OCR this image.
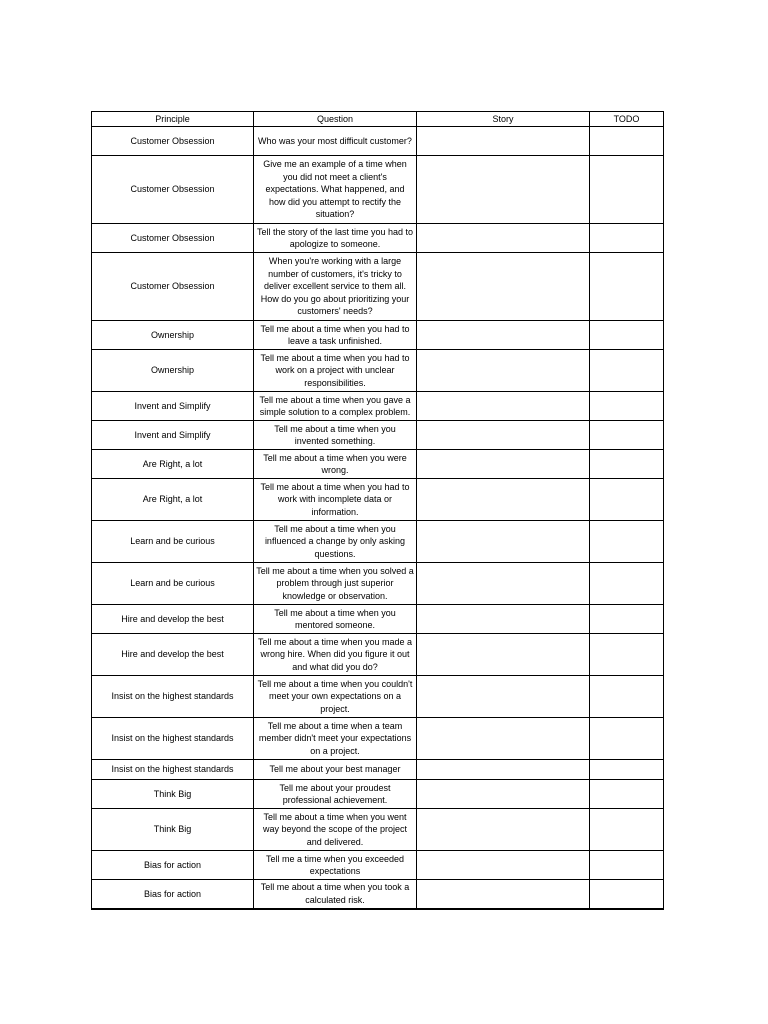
Principle	Question	Story	TODO
Customer Obsession	Who was your most difficult customer?		
Customer Obsession	Give me an example of a time when you did not meet a client's expectations. What happened, and how did you attempt to rectify the situation?		
Customer Obsession	Tell the story of the last time you had to apologize to someone.		
Customer Obsession	When you're working with a large number of customers, it's tricky to deliver excellent service to them all. How do you go about prioritizing your customers' needs?		
Ownership	Tell me about a time when you had to leave a task unfinished.		
Ownership	Tell me about a time when you had to work on a project with unclear responsibilities.		
Invent and Simplify	Tell me about a time when you gave a simple solution to a complex problem.		
Invent and Simplify	Tell me about a time when you invented something.		
Are Right, a lot	Tell me about a time when you were wrong.		
Are Right, a lot	Tell me about a time when you had to work with incomplete data or information.		
Learn and be curious	Tell me about a time when you influenced a change by only asking questions.		
Learn and be curious	Tell me about a time when you solved a problem through just superior knowledge or observation.		
Hire and develop the best	Tell me about a time when you mentored someone.		
Hire and develop the best	Tell me about a time when you made a wrong hire. When did you figure it out and what did you do?		
Insist on the highest standards	Tell me about a time when you couldn't meet your own expectations on a project.		
Insist on the highest standards	Tell me about a time when a team member didn't meet your expectations on a project.		
Insist on the highest standards	Tell me about your best manager		
Think Big	Tell me about your proudest professional achievement.		
Think Big	Tell me about a time when you went way beyond the scope of the project and delivered.		
Bias for action	Tell me a time when you exceeded expectations		
Bias for action	Tell me about a time when you took a calculated risk.		
